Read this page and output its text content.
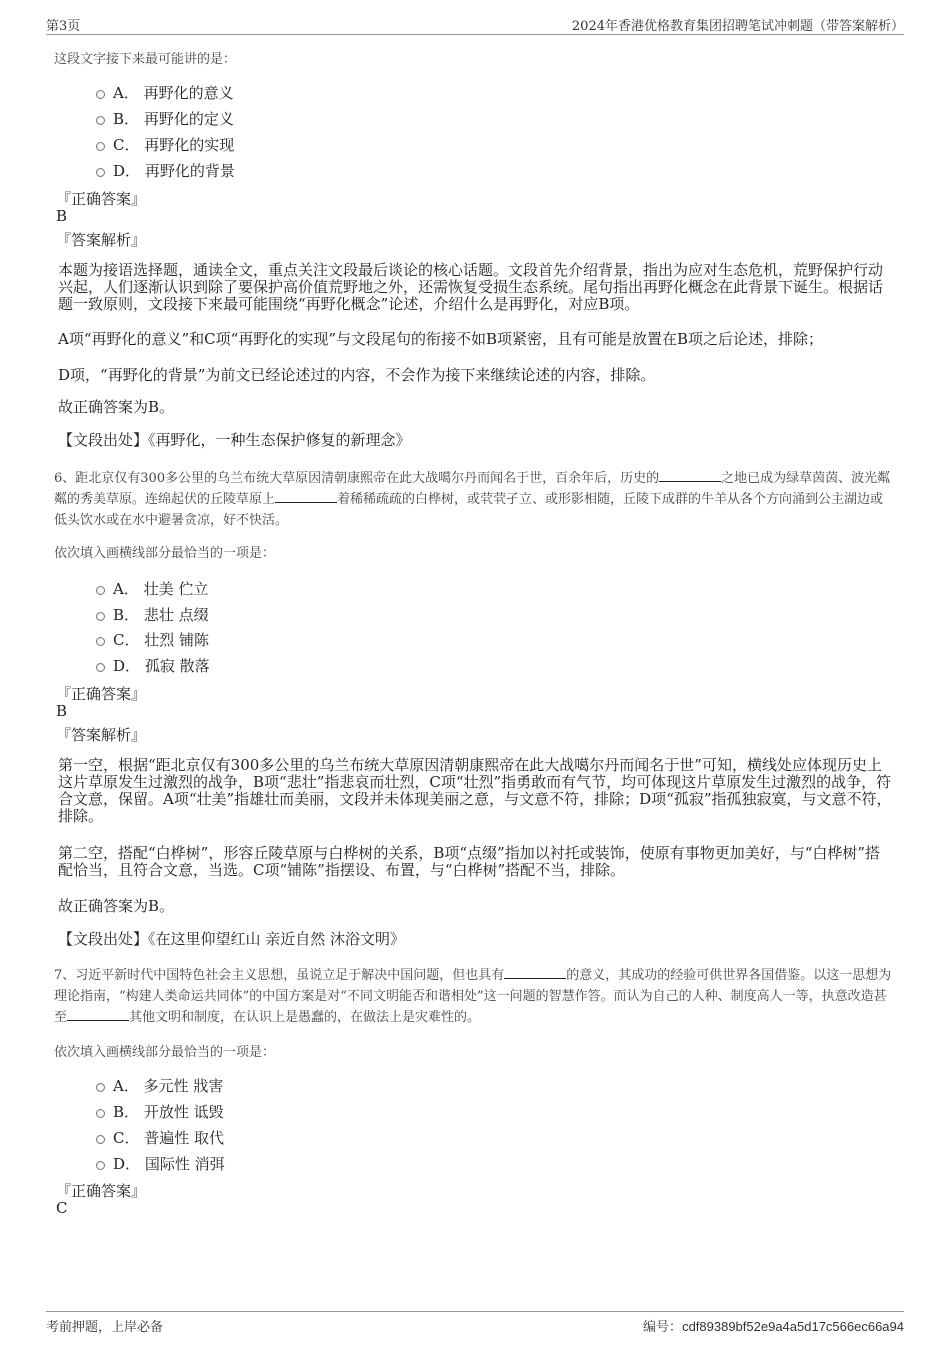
第3页	2024年香港优格教育集团招聘笔试冲刺题（带答案解析）
这段文字接下来最可能讲的是：
A． 再野化的意义
B． 再野化的定义
C． 再野化的实现
D． 再野化的背景
『正确答案』
B
『答案解析』
本题为接语选择题，通读全文，重点关注文段最后谈论的核心话题。文段首先介绍背景，指出为应对生态危机，荒野保护行动兴起，人们逐渐认识到除了要保护高价值荒野地之外，还需恢复受损生态系统。尾句指出再野化概念在此背景下诞生。根据话题一致原则，文段接下来最可能围绕“再野化概念”论述，介绍什么是再野化，对应B项。
A项“再野化的意义”和C项“再野化的实现”与文段尾句的衔接不如B项紧密，且有可能是放置在B项之后论述，排除；
D项，“再野化的背景”为前文已经论述过的内容，不会作为接下来继续论述的内容，排除。
故正确答案为B。
【文段出处】《再野化，一种生态保护修复的新理念》
6、距北京仅有300多公里的乌兰布统大草原因清朝康熙帝在此大战噶尔丹而闻名于世，百余年后，历史的	之地已成为绿草茵茵、波光粼粼的秀美草原。连绵起伏的丘陵草原上	着稀稀疏疏的白桦树，或茕茕孑立、或形影相随，丘陵下成群的牛羊从各个方向涌到公主湖边或低头饮水或在水中避暑贪凉，好不快活。
依次填入画横线部分最恰当的一项是：
A． 壮美 伫立
B． 悲壮 点缀
C． 壮烈 铺陈
D． 孤寂 散落
『正确答案』
B
『答案解析』
第一空，根据“距北京仅有300多公里的乌兰布统大草原因清朝康熙帝在此大战噶尔丹而闻名于世”可知，横线处应体现历史上这片草原发生过激烈的战争，B项“悲壮”指悲哀而壮烈，C项“壮烈”指勇敢而有气节，均可体现这片草原发生过激烈的战争，符合文意，保留。A项“壮美”指雄壮而美丽，文段并未体现美丽之意，与文意不符，排除；D项“孤寂”指孤独寂寞，与文意不符，排除。
第二空，搭配“白桦树”，形容丘陵草原与白桦树的关系，B项“点缀”指加以衬托或装饰，使原有事物更加美好，与“白桦树”搭配恰当，且符合文意，当选。C项“铺陈”指摆设、布置，与“白桦树”搭配不当，排除。
故正确答案为B。
【文段出处】《在这里仰望红山 亲近自然 沐浴文明》
7、习近平新时代中国特色社会主义思想，虽说立足于解决中国问题，但也具有	的意义，其成功的经验可供世界各国借鉴。以这一思想为理论指南，“构建人类命运共同体”的中国方案是对“不同文明能否和谐相处”这一问题的智慧作答。而认为自己的人种、制度高人一等，执意改造甚至	其他文明和制度，在认识上是愚蠢的，在做法上是灾难性的。
依次填入画横线部分最恰当的一项是：
A． 多元性 戕害
B． 开放性 诋毁
C． 普遍性 取代
D． 国际性 消弭
『正确答案』
C
考前押题，上岸必备	编号：cdf89389bf52e9a4a5d17c566ec66a94
